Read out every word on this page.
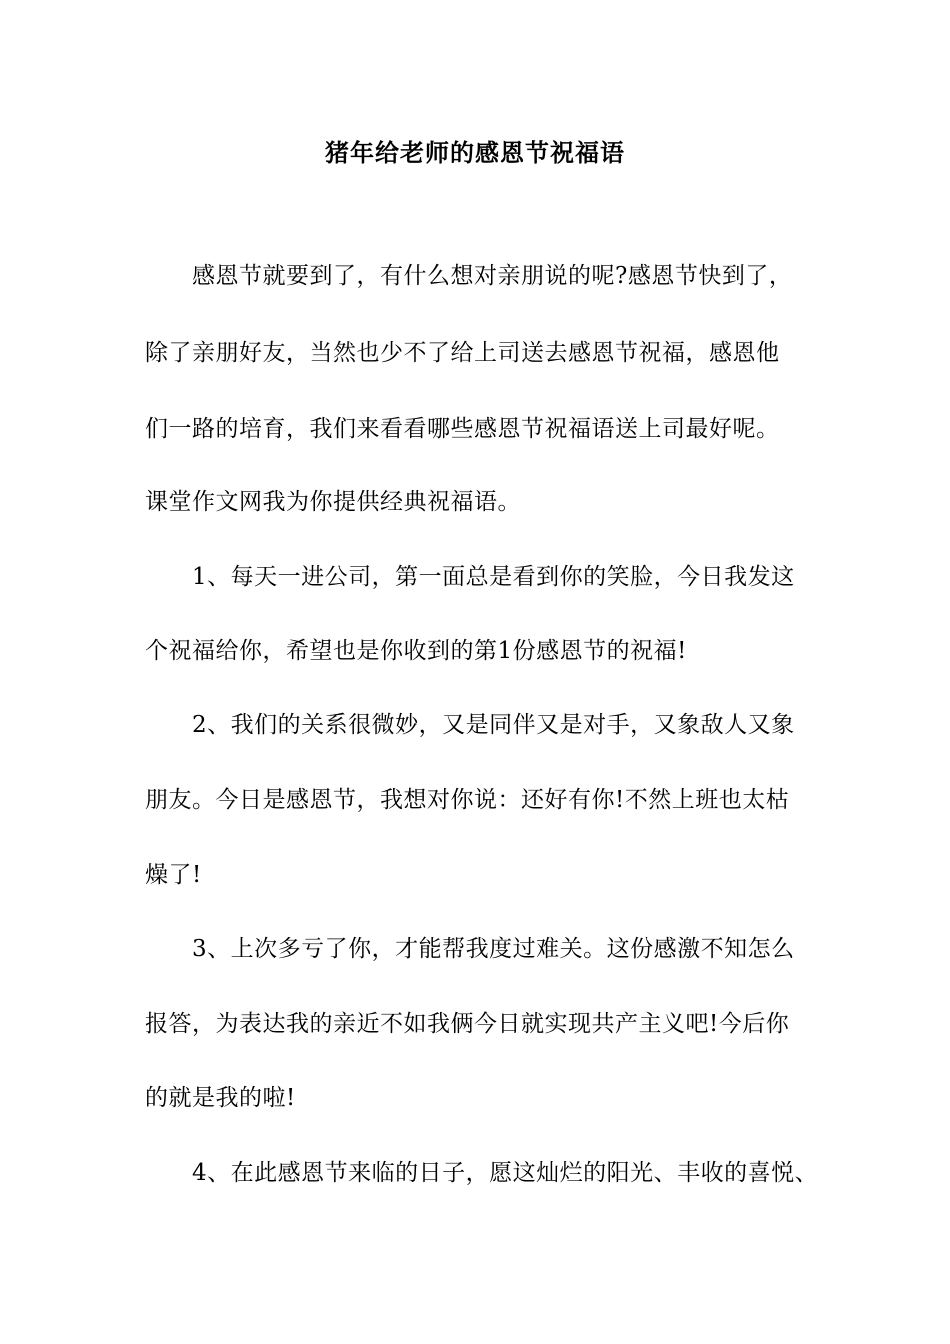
猪年给老师的感恩节祝福语
感恩节就要到了，有什么想对亲朋说的呢?感恩节快到了，
除了亲朋好友，当然也少不了给上司送去感恩节祝福，感恩他
们一路的培育，我们来看看哪些感恩节祝福语送上司最好呢。
课堂作文网我为你提供经典祝福语。
1、每天一进公司，第一面总是看到你的笑脸，今日我发这
个祝福给你，希望也是你收到的第1份感恩节的祝福!
2、我们的关系很微妙，又是同伴又是对手，又象敌人又象
朋友。今日是感恩节，我想对你说：还好有你!不然上班也太枯
燥了!
3、上次多亏了你，才能帮我度过难关。这份感激不知怎么
报答，为表达我的亲近不如我俩今日就实现共产主义吧!今后你
的就是我的啦!
4、在此感恩节来临的日子，愿这灿烂的阳光、丰收的喜悦、
